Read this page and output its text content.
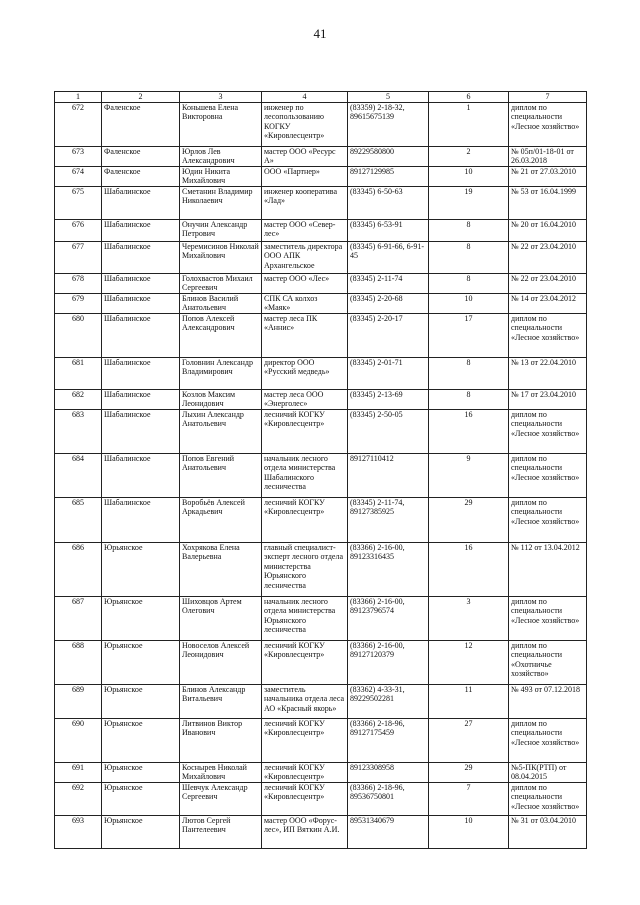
41
1	2	3	4	5	6	7
672	Фаленское	Коньшева Елена Викторовна	инженер по лесопользованию КОГКУ «Кировлесцентр»	(83359) 2-18-32, 89615675139	1	диплом по специальности «Лесное хозяйство»
673	Фаленское	Юрлов Лев Александрович	мастер ООО «Ресурс А»	89229580800	2	№ 05п/01-18-01 от 26.03.2018
674	Фаленское	Юдин Никита Михайлович	ООО «Партнер»	89127129985	10	№ 21 от 27.03.2010
675	Шабалинское	Сметанин Владимир Николаевич	инженер кооператива «Лад»	(83345) 6-50-63	19	№ 53 от 16.04.1999
676	Шабалинское	Онучин Александр Петрович	мастер ООО «Север-лес»	(83345) 6-53-91	8	№ 20 от 16.04.2010
677	Шабалинское	Черемисинов Николай Михайлович	заместитель директора ООО АПК Архангельское	(83345) 6-91-66, 6-91-45	8	№ 22 от 23.04.2010
678	Шабалинское	Голохвастов Михаил Сергеевич	мастер ООО «Лес»	(83345) 2-11-74	8	№ 22 от 23.04.2010
679	Шабалинское	Блинов Василий Анатольевич	СПК СА колхоз «Маяк»	(83345) 2-20-68	10	№ 14 от 23.04.2012
680	Шабалинское	Попов Алексей Александрович	мастер леса ПК «Аннис»	(83345) 2-20-17	17	диплом по специальности «Лесное хозяйство»
681	Шабалинское	Головнин Александр Владимирович	директор ООО «Русский медведь»	(83345) 2-01-71	8	№ 13 от 22.04.2010
682	Шабалинское	Козлов Максим Леонидович	мастер леса ООО «Энерголес»	(83345) 2-13-69	8	№ 17 от 23.04.2010
683	Шабалинское	Лыхин Александр Анатольевич	лесничий КОГКУ «Кировлесцентр»	(83345) 2-50-05	16	диплом по специальности «Лесное хозяйство»
684	Шабалинское	Попов Евгений Анатольевич	начальник лесного отдела министерства Шабалинского лесничества	89127110412	9	диплом по специальности «Лесное хозяйство»
685	Шабалинское	Воробьёв Алексей Аркадьевич	лесничий КОГКУ «Кировлесцентр»	(83345) 2-11-74, 89127385925	29	диплом по специальности «Лесное хозяйство»
686	Юрьянское	Хохрякова Елена Валерьевна	главный специалист-эксперт лесного отдела министерства Юрьянского лесничества	(83366) 2-16-00, 89123316435	16	№ 112 от 13.04.2012
687	Юрьянское	Шиховцов Артем Олегович	начальник лесного отдела министерства Юрьянского лесничества	(83366) 2-16-00, 89123796574	3	диплом по специальности «Лесное хозяйство»
688	Юрьянское	Новоселов Алексей Леонидович	лесничий КОГКУ «Кировлесцентр»	(83366) 2-16-00, 89127120379	12	диплом по специальности «Охотничье хозяйство»
689	Юрьянское	Блинов Александр Витальевич	заместитель начальника отдела леса АО «Красный якорь»	(83362) 4-33-31, 89229502281	11	№ 493 от 07.12.2018
690	Юрьянское	Литвинов Виктор Иванович	лесничий КОГКУ «Кировлесцентр»	(83366) 2-18-96, 89127175459	27	диплом по специальности «Лесное хозяйство»
691	Юрьянское	Коснырев Николай Михайлович	лесничий КОГКУ «Кировлесцентр»	89123308958	29	№5-ПК(РТП) от 08.04.2015
692	Юрьянское	Шевчук Александр Сергеевич	лесничий КОГКУ «Кировлесцентр»	(83366) 2-18-96, 89536750801	7	диплом по специальности «Лесное хозяйство»
693	Юрьянское	Лютов Сергей Пантелеевич	мастер ООО «Форус-лес», ИП Вяткин А.И.	89531340679	10	№ 31 от 03.04.2010
